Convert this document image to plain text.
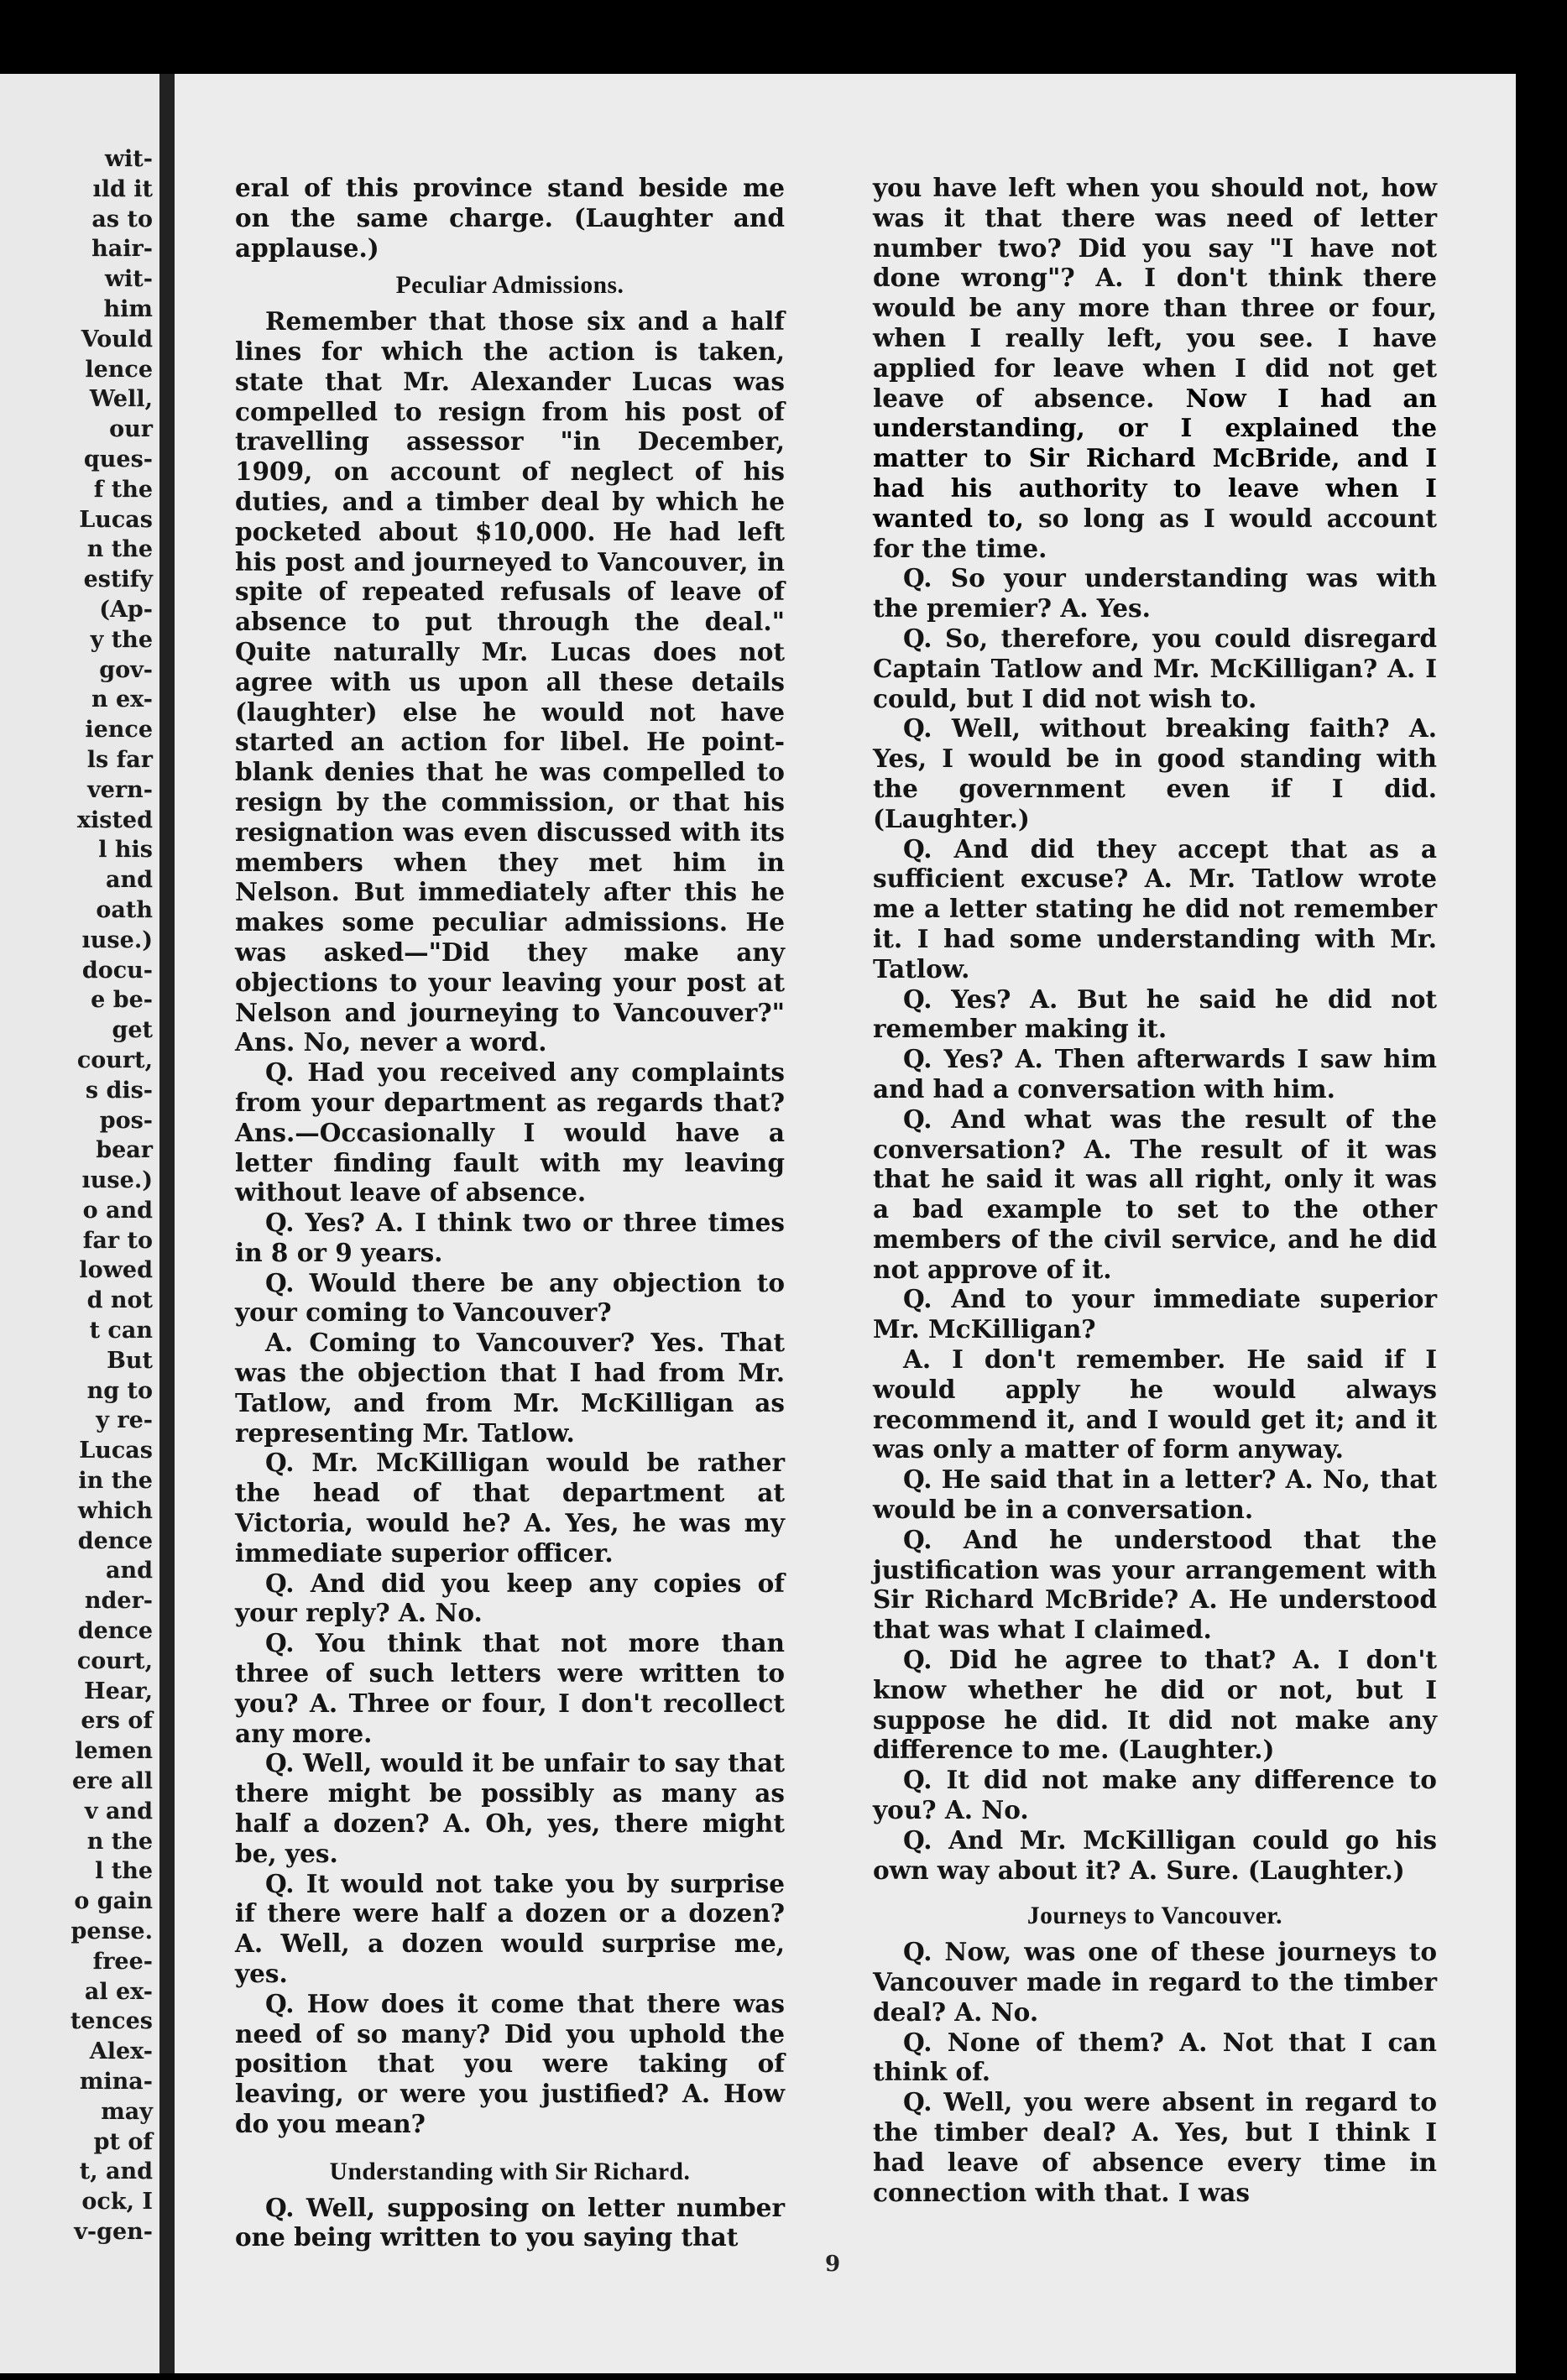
wit-
ıld it
as to
hair-
wit-
him
Vould
lence
Well,
our
ques-
f the
Lucas
n the
estify
(Ap-
y the
gov-
n ex-
ience
ls far
vern-
xisted
l his
and
oath
ıuse.)
docu-
e be-
get
court,
s dis-
pos-
bear
ıuse.)
o and
far to
lowed
d not
t can
But
ng to
y re-
Lucas
in the
which
dence
and
nder-
dence
court,
Hear,
ers of
lemen
ere all
v and
n the
l the
o gain
pense.
free-
al ex-
tences
Alex-
mina-
may
pt of
t, and
ock, I
v-gen-

eral of this province stand beside me on the same charge. (Laughter and applause.)

Peculiar Admissions.

Remember that those six and a half lines for which the action is taken, state that Mr. Alexander Lucas was compelled to resign from his post of travelling assessor "in December, 1909, on account of neglect of his duties, and a timber deal by which he pocketed about $10,000. He had left his post and journeyed to Vancouver, in spite of repeated refusals of leave of absence to put through the deal." Quite naturally Mr. Lucas does not agree with us upon all these details (laughter) else he would not have started an action for libel. He point-blank denies that he was compelled to resign by the commission, or that his resignation was even discussed with its members when they met him in Nelson. But immediately after this he makes some peculiar admissions. He was asked—"Did they make any objections to your leaving your post at Nelson and journeying to Vancouver?" Ans. No, never a word.

Q. Had you received any complaints from your department as regards that? Ans.—Occasionally I would have a letter finding fault with my leaving without leave of absence.

Q. Yes? A. I think two or three times in 8 or 9 years.

Q. Would there be any objection to your coming to Vancouver?

A. Coming to Vancouver? Yes. That was the objection that I had from Mr. Tatlow, and from Mr. McKilligan as representing Mr. Tatlow.

Q. Mr. McKilligan would be rather the head of that department at Victoria, would he? A. Yes, he was my immediate superior officer.

Q. And did you keep any copies of your reply? A. No.

Q. You think that not more than three of such letters were written to you? A. Three or four, I don't recollect any more.

Q. Well, would it be unfair to say that there might be possibly as many as half a dozen? A. Oh, yes, there might be, yes.

Q. It would not take you by surprise if there were half a dozen or a dozen? A. Well, a dozen would surprise me, yes.

Q. How does it come that there was need of so many? Did you uphold the position that you were taking of leaving, or were you justified? A. How do you mean?

Understanding with Sir Richard.

Q. Well, supposing on letter number one being written to you saying that

you have left when you should not, how was it that there was need of letter number two? Did you say "I have not done wrong"? A. I don't think there would be any more than three or four, when I really left, you see. I have applied for leave when I did not get leave of absence. Now I had an understanding, or I explained the matter to Sir Richard McBride, and I had his authority to leave when I wanted to, so long as I would account for the time.

Q. So your understanding was with the premier? A. Yes.

Q. So, therefore, you could disregard Captain Tatlow and Mr. McKilligan? A. I could, but I did not wish to.

Q. Well, without breaking faith? A. Yes, I would be in good standing with the government even if I did. (Laughter.)

Q. And did they accept that as a sufficient excuse? A. Mr. Tatlow wrote me a letter stating he did not remember it. I had some understanding with Mr. Tatlow.

Q. Yes? A. But he said he did not remember making it.

Q. Yes? A. Then afterwards I saw him and had a conversation with him.

Q. And what was the result of the conversation? A. The result of it was that he said it was all right, only it was a bad example to set to the other members of the civil service, and he did not approve of it.

Q. And to your immediate superior Mr. McKilligan?

A. I don't remember. He said if I would apply he would always recommend it, and I would get it; and it was only a matter of form anyway.

Q. He said that in a letter? A. No, that would be in a conversation.

Q. And he understood that the justification was your arrangement with Sir Richard McBride? A. He understood that was what I claimed.

Q. Did he agree to that? A. I don't know whether he did or not, but I suppose he did. It did not make any difference to me. (Laughter.)

Q. It did not make any difference to you? A. No.

Q. And Mr. McKilligan could go his own way about it? A. Sure. (Laughter.)

Journeys to Vancouver.

Q. Now, was one of these journeys to Vancouver made in regard to the timber deal? A. No.

Q. None of them? A. Not that I can think of.

Q. Well, you were absent in regard to the timber deal? A. Yes, but I think I had leave of absence every time in connection with that. I was

9
